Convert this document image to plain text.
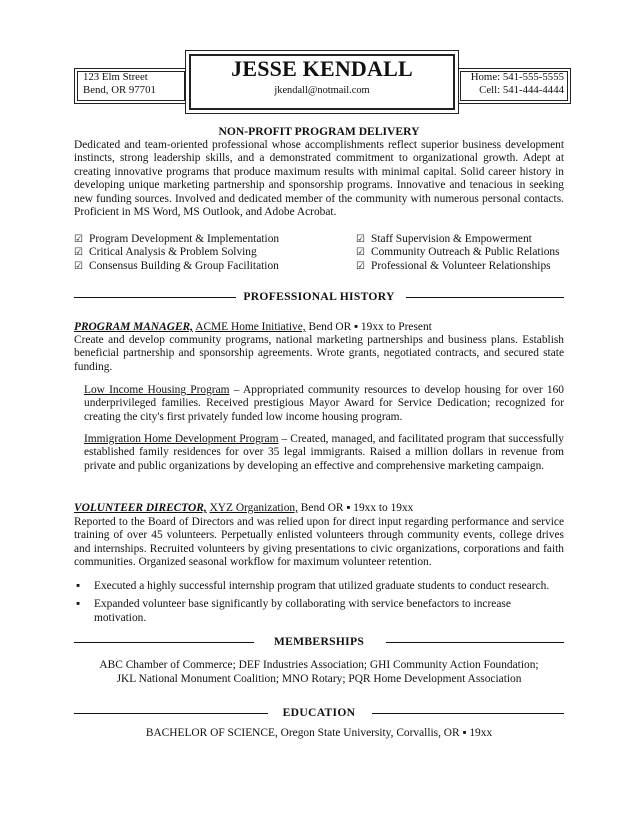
123 Elm Street
Bend, OR 97701
Home: 541-555-5555
Cell: 541-444-4444
JESSE KENDALL
jkendall@notmail.com
NON-PROFIT PROGRAM DELIVERY
Dedicated and team-oriented professional whose accomplishments reflect superior business development instincts, strong leadership skills, and a demonstrated commitment to organizational growth. Adept at creating innovative programs that produce maximum results with minimal capital. Solid career history in developing unique marketing partnership and sponsorship programs. Innovative and tenacious in seeking new funding sources. Involved and dedicated member of the community with numerous personal contacts. Proficient in MS Word, MS Outlook, and Adobe Acrobat.
☑ Program Development & Implementation
☑ Critical Analysis & Problem Solving
☑ Consensus Building & Group Facilitation
☑ Staff Supervision & Empowerment
☑ Community Outreach & Public Relations
☑ Professional & Volunteer Relationships
PROFESSIONAL HISTORY
PROGRAM MANAGER, ACME Home Initiative, Bend OR ▪ 19xx to Present
Create and develop community programs, national marketing partnerships and business plans. Establish beneficial partnership and sponsorship agreements. Wrote grants, negotiated contracts, and secured state funding.
Low Income Housing Program – Appropriated community resources to develop housing for over 160 underprivileged families. Received prestigious Mayor Award for Service Dedication; recognized for creating the city's first privately funded low income housing program.
Immigration Home Development Program – Created, managed, and facilitated program that successfully established family residences for over 35 legal immigrants. Raised a million dollars in revenue from private and public organizations by developing an effective and comprehensive marketing campaign.
VOLUNTEER DIRECTOR, XYZ Organization, Bend OR ▪ 19xx to 19xx
Reported to the Board of Directors and was relied upon for direct input regarding performance and service training of over 45 volunteers. Perpetually enlisted volunteers through community events, college drives and internships. Recruited volunteers by giving presentations to civic organizations, corporations and faith communities. Organized seasonal workflow for maximum volunteer retention.
▪ Executed a highly successful internship program that utilized graduate students to conduct research.
▪ Expanded volunteer base significantly by collaborating with service benefactors to increase motivation.
MEMBERSHIPS
ABC Chamber of Commerce; DEF Industries Association; GHI Community Action Foundation;
JKL National Monument Coalition; MNO Rotary; PQR Home Development Association
EDUCATION
BACHELOR OF SCIENCE, Oregon State University, Corvallis, OR ▪ 19xx
